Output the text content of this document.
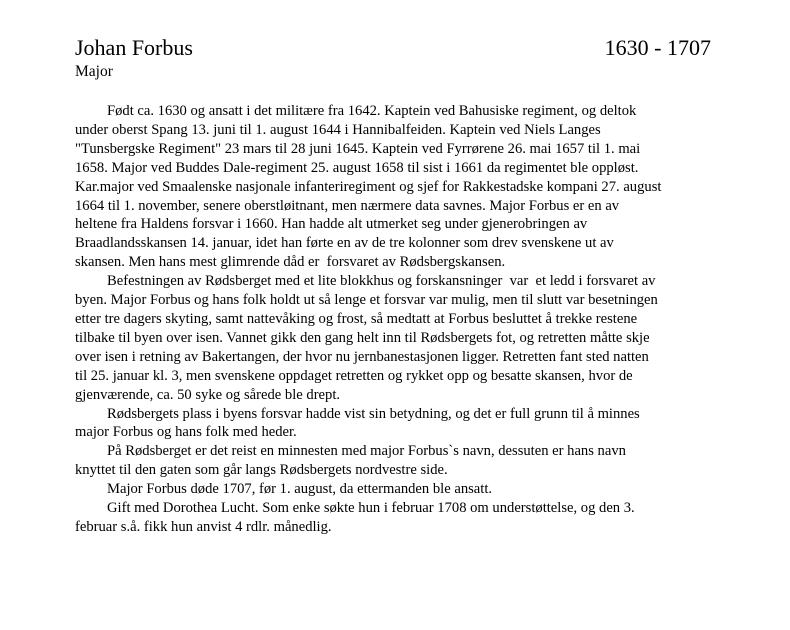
Johan Forbus	1630 - 1707
Major

Født ca. 1630 og ansatt i det militære fra 1642. Kaptein ved Bahusiske regiment, og deltok
under oberst Spang 13. juni til 1. august 1644 i Hannibalfeiden. Kaptein ved Niels Langes
"Tunsbergske Regiment" 23 mars til 28 juni 1645. Kaptein ved Fyrrørene 26. mai 1657 til 1. mai
1658. Major ved Buddes Dale-regiment 25. august 1658 til sist i 1661 da regimentet ble oppløst.
Kar.major ved Smaalenske nasjonale infanteriregiment og sjef for Rakkestadske kompani 27. august
1664 til 1. november, senere oberstløitnant, men nærmere data savnes. Major Forbus er en av
heltene fra Haldens forsvar i 1660. Han hadde alt utmerket seg under gjenerobringen av
Braadlandsskansen 14. januar, idet han førte en av de tre kolonner som drev svenskene ut av
skansen. Men hans mest glimrende dåd er  forsvaret av Rødsbergskansen.

Befestningen av Rødsberget med et lite blokkhus og forskansninger  var  et ledd i forsvaret av
byen. Major Forbus og hans folk holdt ut så lenge et forsvar var mulig, men til slutt var besetningen
etter tre dagers skyting, samt nattevåking og frost, så medtatt at Forbus besluttet å trekke restene
tilbake til byen over isen. Vannet gikk den gang helt inn til Rødsbergets fot, og retretten måtte skje
over isen i retning av Bakertangen, der hvor nu jernbanestasjonen ligger. Retretten fant sted natten
til 25. januar kl. 3, men svenskene oppdaget retretten og rykket opp og besatte skansen, hvor de
gjenværende, ca. 50 syke og sårede ble drept.

Rødsbergets plass i byens forsvar hadde vist sin betydning, og det er full grunn til å minnes
major Forbus og hans folk med heder.

På Rødsberget er det reist en minnesten med major Forbus`s navn, dessuten er hans navn
knyttet til den gaten som går langs Rødsbergets nordvestre side.

Major Forbus døde 1707, før 1. august, da ettermanden ble ansatt.

Gift med Dorothea Lucht. Som enke søkte hun i februar 1708 om understøttelse, og den 3.
februar s.å. fikk hun anvist 4 rdlr. månedlig.
